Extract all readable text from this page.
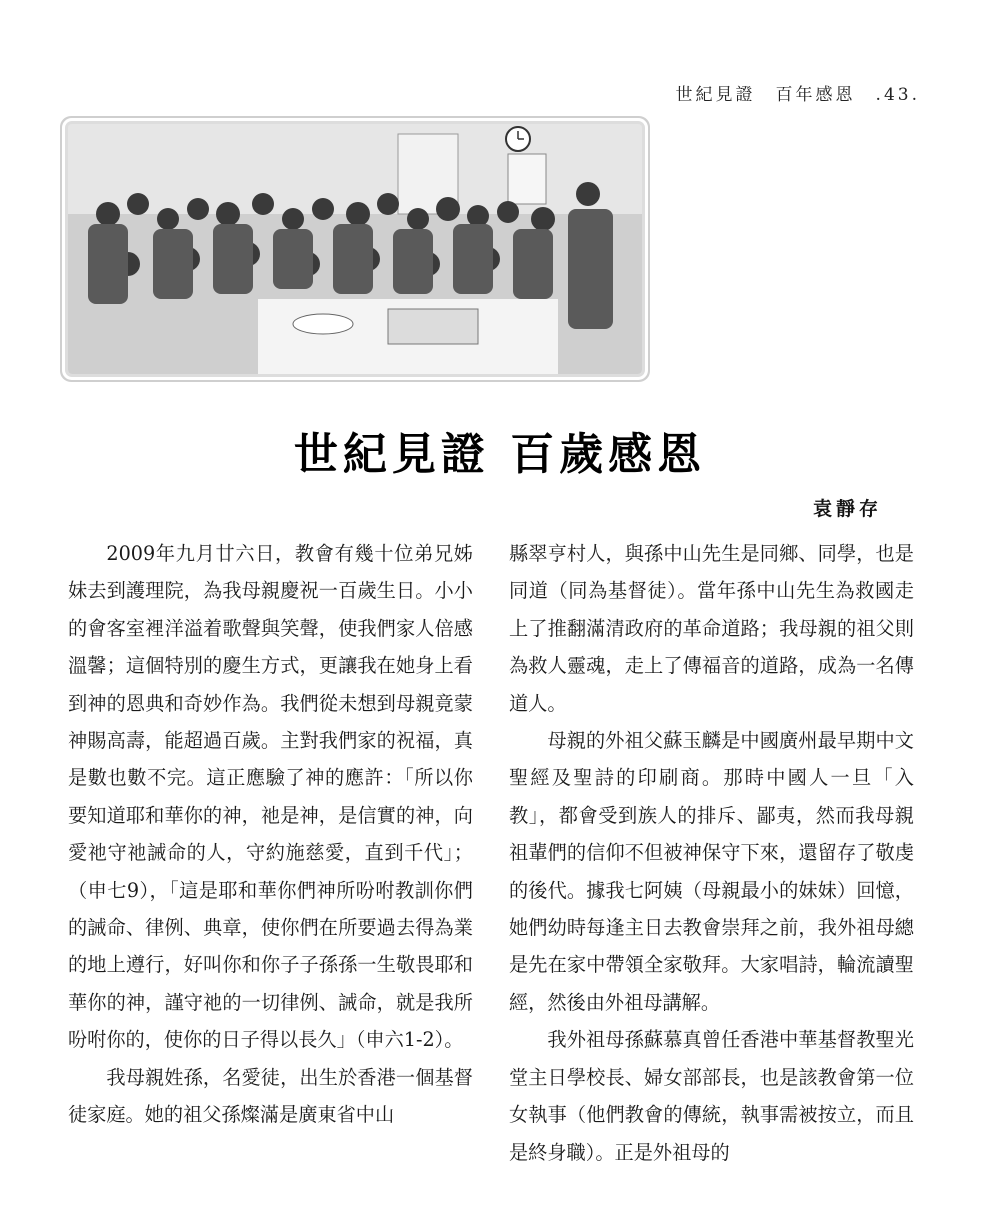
世紀見證　百年感恩　.43.
世紀見證 百歲感恩
袁靜存

2009年九月廿六日，教會有幾十位弟兄姊妹去到護理院，為我母親慶祝一百歲生日。小小的會客室裡洋溢着歌聲與笑聲，使我們家人倍感溫馨；這個特別的慶生方式，更讓我在她身上看到神的恩典和奇妙作為。我們從未想到母親竟蒙神賜高壽，能超過百歲。主對我們家的祝福，真是數也數不完。這正應驗了神的應許：「所以你要知道耶和華你的神，祂是神，是信實的神，向愛祂守祂誡命的人，守約施慈愛，直到千代」；（申七9），「這是耶和華你們神所吩咐教訓你們的誡命、律例、典章，使你們在所要過去得為業的地上遵行，好叫你和你子子孫孫一生敬畏耶和華你的神，謹守祂的一切律例、誡命，就是我所吩咐你的，使你的日子得以長久」（申六1-2）。

我母親姓孫，名愛徒，出生於香港一個基督徒家庭。她的祖父孫燦滿是廣東省中山

縣翠亨村人，與孫中山先生是同鄉、同學，也是同道（同為基督徒）。當年孫中山先生為救國走上了推翻滿清政府的革命道路；我母親的祖父則為救人靈魂，走上了傳福音的道路，成為一名傳道人。

母親的外祖父蘇玉麟是中國廣州最早期中文聖經及聖詩的印刷商。那時中國人一旦「入教」，都會受到族人的排斥、鄙夷，然而我母親祖輩們的信仰不但被神保守下來，還留存了敬虔的後代。據我七阿姨（母親最小的妹妹）回憶，她們幼時每逢主日去教會崇拜之前，我外祖母總是先在家中帶領全家敬拜。大家唱詩，輪流讀聖經，然後由外祖母講解。

我外祖母孫蘇慕真曾任香港中華基督教聖光堂主日學校長、婦女部部長，也是該教會第一位女執事（他們教會的傳統，執事需被按立，而且是終身職）。正是外祖母的
